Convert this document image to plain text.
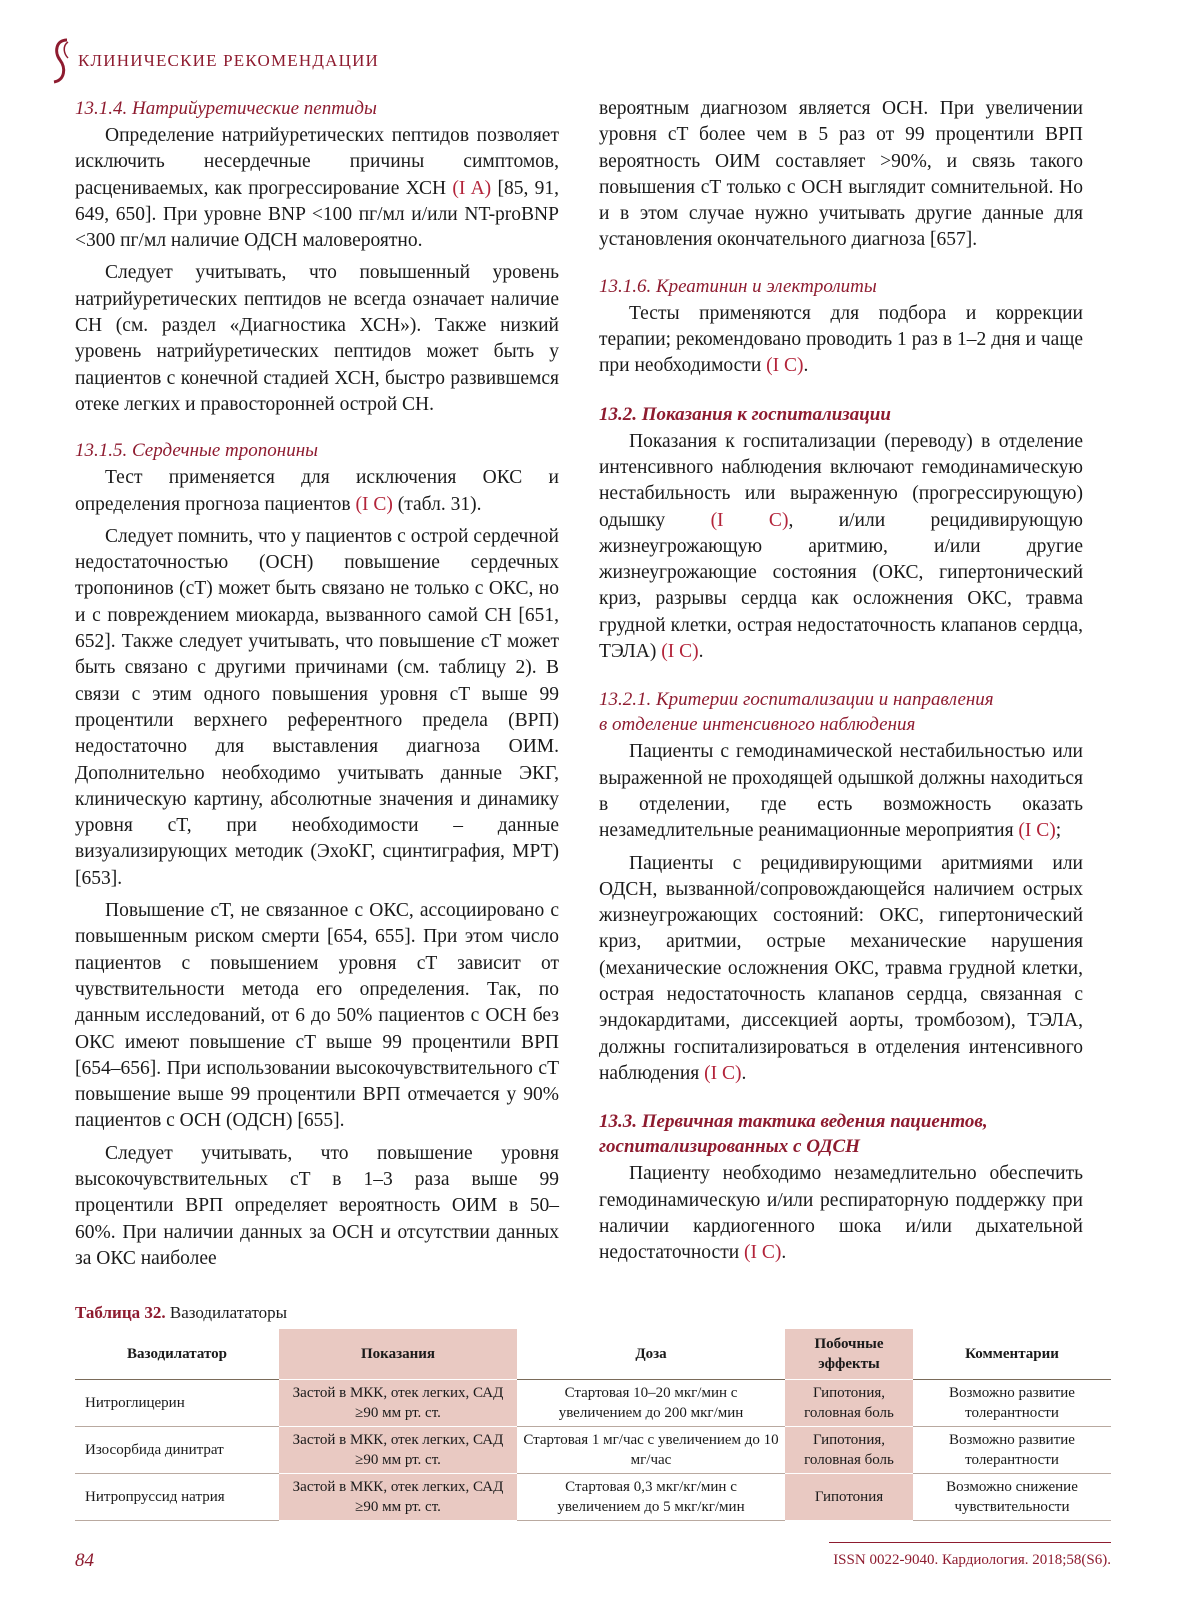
КЛИНИЧЕСКИЕ РЕКОМЕНДАЦИИ
13.1.4. Натрийуретические пептиды

Определение натрийуретических пептидов позволяет исключить несердечные причины симптомов, расцениваемых, как прогрессирование ХСН (I A) [85, 91, 649, 650]. При уровне BNP <100 пг/мл и/или NT-proBNP <300 пг/мл наличие ОДСН маловероятно.

Следует учитывать, что повышенный уровень натрийуретических пептидов не всегда означает наличие СН (см. раздел «Диагностика ХСН»). Также низкий уровень натрийуретических пептидов может быть у пациентов с конечной стадией ХСН, быстро развившемся отеке легких и правосторонней острой СН.

13.1.5. Сердечные тропонины

Тест применяется для исключения ОКС и определения прогноза пациентов (I C) (табл. 31).

Следует помнить, что у пациентов с острой сердечной недостаточностью (ОСН) повышение сердечных тропонинов (cT) может быть связано не только с ОКС, но и с повреждением миокарда, вызванного самой СН [651, 652]. Также следует учитывать, что повышение cT может быть связано с другими причинами (см. таблицу 2). В связи с этим одного повышения уровня cT выше 99 процентили верхнего референтного предела (ВРП) недостаточно для выставления диагноза ОИМ. Дополнительно необходимо учитывать данные ЭКГ, клиническую картину, абсолютные значения и динамику уровня cT, при необходимости – данные визуализирующих методик (ЭхоКГ, сцинтиграфия, МРТ) [653].

Повышение cT, не связанное с ОКС, ассоциировано с повышенным риском смерти [654, 655]. При этом число пациентов с повышением уровня cT зависит от чувствительности метода его определения. Так, по данным исследований, от 6 до 50% пациентов с ОСН без ОКС имеют повышение cT выше 99 процентили ВРП [654–656]. При использовании высокочувствительного cT повышение выше 99 процентили ВРП отмечается у 90% пациентов с ОСН (ОДСН) [655].

Следует учитывать, что повышение уровня высокочувствительных cT в 1–3 раза выше 99 процентили ВРП определяет вероятность ОИМ в 50–60%. При наличии данных за ОСН и отсутствии данных за ОКС наиболее

вероятным диагнозом является ОСН. При увеличении уровня cT более чем в 5 раз от 99 процентили ВРП вероятность ОИМ составляет >90%, и связь такого повышения cT только с ОСН выглядит сомнительной. Но и в этом случае нужно учитывать другие данные для установления окончательного диагноза [657].

13.1.6. Креатинин и электролиты

Тесты применяются для подбора и коррекции терапии; рекомендовано проводить 1 раз в 1–2 дня и чаще при необходимости (I C).

13.2. Показания к госпитализации

Показания к госпитализации (переводу) в отделение интенсивного наблюдения включают гемодинамическую нестабильность или выраженную (прогрессирующую) одышку (I C), и/или рецидивирующую жизнеугрожающую аритмию, и/или другие жизнеугрожающие состояния (ОКС, гипертонический криз, разрывы сердца как осложнения ОКС, травма грудной клетки, острая недостаточность клапанов сердца, ТЭЛА) (I C).

13.2.1. Критерии госпитализации и направления
в отделение интенсивного наблюдения

Пациенты с гемодинамической нестабильностью или выраженной не проходящей одышкой должны находиться в отделении, где есть возможность оказать незамедлительные реанимационные мероприятия (I C);

Пациенты с рецидивирующими аритмиями или ОДСН, вызванной/сопровождающейся наличием острых жизнеугрожающих состояний: ОКС, гипертонический криз, аритмии, острые механические нарушения (механические осложнения ОКС, травма грудной клетки, острая недостаточность клапанов сердца, связанная с эндокардитами, диссекцией аорты, тромбозом), ТЭЛА, должны госпитализироваться в отделения интенсивного наблюдения (I C).

13.3. Первичная тактика ведения пациентов,
госпитализированных с ОДСН

Пациенту необходимо незамедлительно обеспечить гемодинамическую и/или респираторную поддержку при наличии кардиогенного шока и/или дыхательной недостаточности (I C).

Таблица 32. Вазодилататоры
Вазодилататор	Показания	Доза	Побочные эффекты	Комментарии
Нитроглицерин	Застой в МКК, отек легких, САД ≥90 мм рт. ст.	Стартовая 10–20 мкг/мин с увеличением до 200 мкг/мин	Гипотония, головная боль	Возможно развитие толерантности
Изосорбида динитрат	Застой в МКК, отек легких, САД ≥90 мм рт. ст.	Стартовая 1 мг/час с увеличением до 10 мг/час	Гипотония, головная боль	Возможно развитие толерантности
Нитропруссид натрия	Застой в МКК, отек легких, САД ≥90 мм рт. ст.	Стартовая 0,3 мкг/кг/мин с увеличением до 5 мкг/кг/мин	Гипотония	Возможно снижение чувствительности
84	ISSN 0022-9040. Кардиология. 2018;58(S6).
